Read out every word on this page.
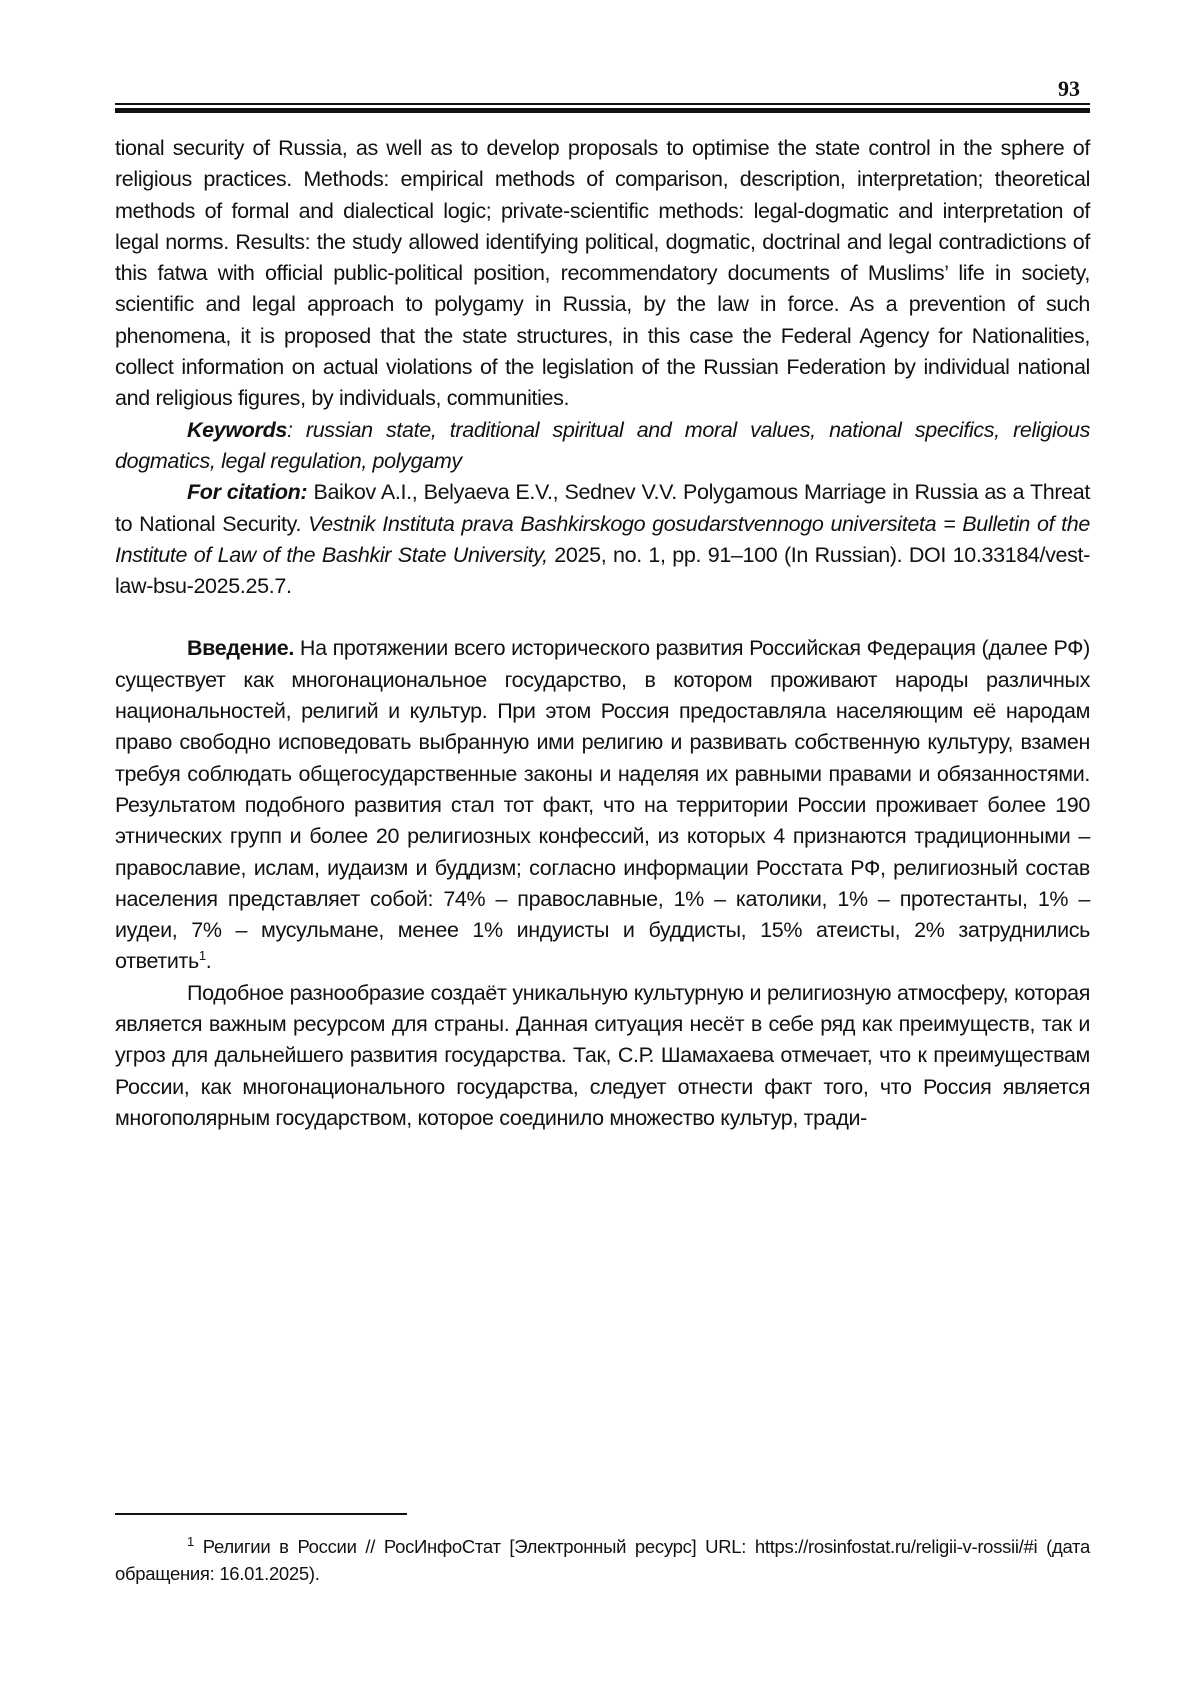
93

tional security of Russia, as well as to develop proposals to optimise the state control in the sphere of religious practices. Methods: empirical methods of comparison, description, interpretation; theoretical methods of formal and dialectical logic; private-scientific methods: legal-dogmatic and interpretation of legal norms. Results: the study allowed identifying political, dogmatic, doctrinal and legal contradictions of this fatwa with official public-political position, recommendatory documents of Muslims’ life in society, scientific and legal approach to polygamy in Russia, by the law in force. As a prevention of such phenomena, it is proposed that the state structures, in this case the Federal Agency for Nationalities, collect information on actual violations of the legislation of the Russian Federation by individual national and religious figures, by individuals, communities.

Keywords: russian state, traditional spiritual and moral values, national specifics, religious dogmatics, legal regulation, polygamy

For citation: Baikov A.I., Belyaeva E.V., Sednev V.V. Polygamous Marriage in Russia as a Threat to National Security. Vestnik Instituta prava Bashkirskogo gosudarstvennogo universiteta = Bulletin of the Institute of Law of the Bashkir State University, 2025, no. 1, pp. 91–100 (In Russian). DOI 10.33184/vest-law-bsu-2025.25.7.

Введение. На протяжении всего исторического развития Российская Федерация (далее РФ) существует как многонациональное государство, в котором проживают народы различных национальностей, религий и культур. При этом Россия предоставляла населяющим её народам право свободно исповедовать выбранную ими религию и развивать собственную культуру, взамен требуя соблюдать общегосударственные законы и наделяя их равными правами и обязанностями. Результатом подобного развития стал тот факт, что на территории России проживает более 190 этнических групп и более 20 религиозных конфессий, из которых 4 признаются традиционными – православие, ислам, иудаизм и буддизм; согласно информации Росстата РФ, религиозный состав населения представляет собой: 74% – православные, 1% – католики, 1% – протестанты, 1% – иудеи, 7% – мусульмане, менее 1% индуисты и буддисты, 15% атеисты, 2% затруднились ответить$^1$.

Подобное разнообразие создаёт уникальную культурную и религиозную атмосферу, которая является важным ресурсом для страны. Данная ситуация несёт в себе ряд как преимуществ, так и угроз для дальнейшего развития государства. Так, С.Р. Шамахаева отмечает, что к преимуществам России, как многонационального государства, следует отнести факт того, что Россия является многополярным государством, которое соединило множество культур, тради-

$^1$ Религии в России // РосИнфоСтат [Электронный ресурс] URL: https://rosinfostat.ru/religii-v-rossii/#i (дата обращения: 16.01.2025).
